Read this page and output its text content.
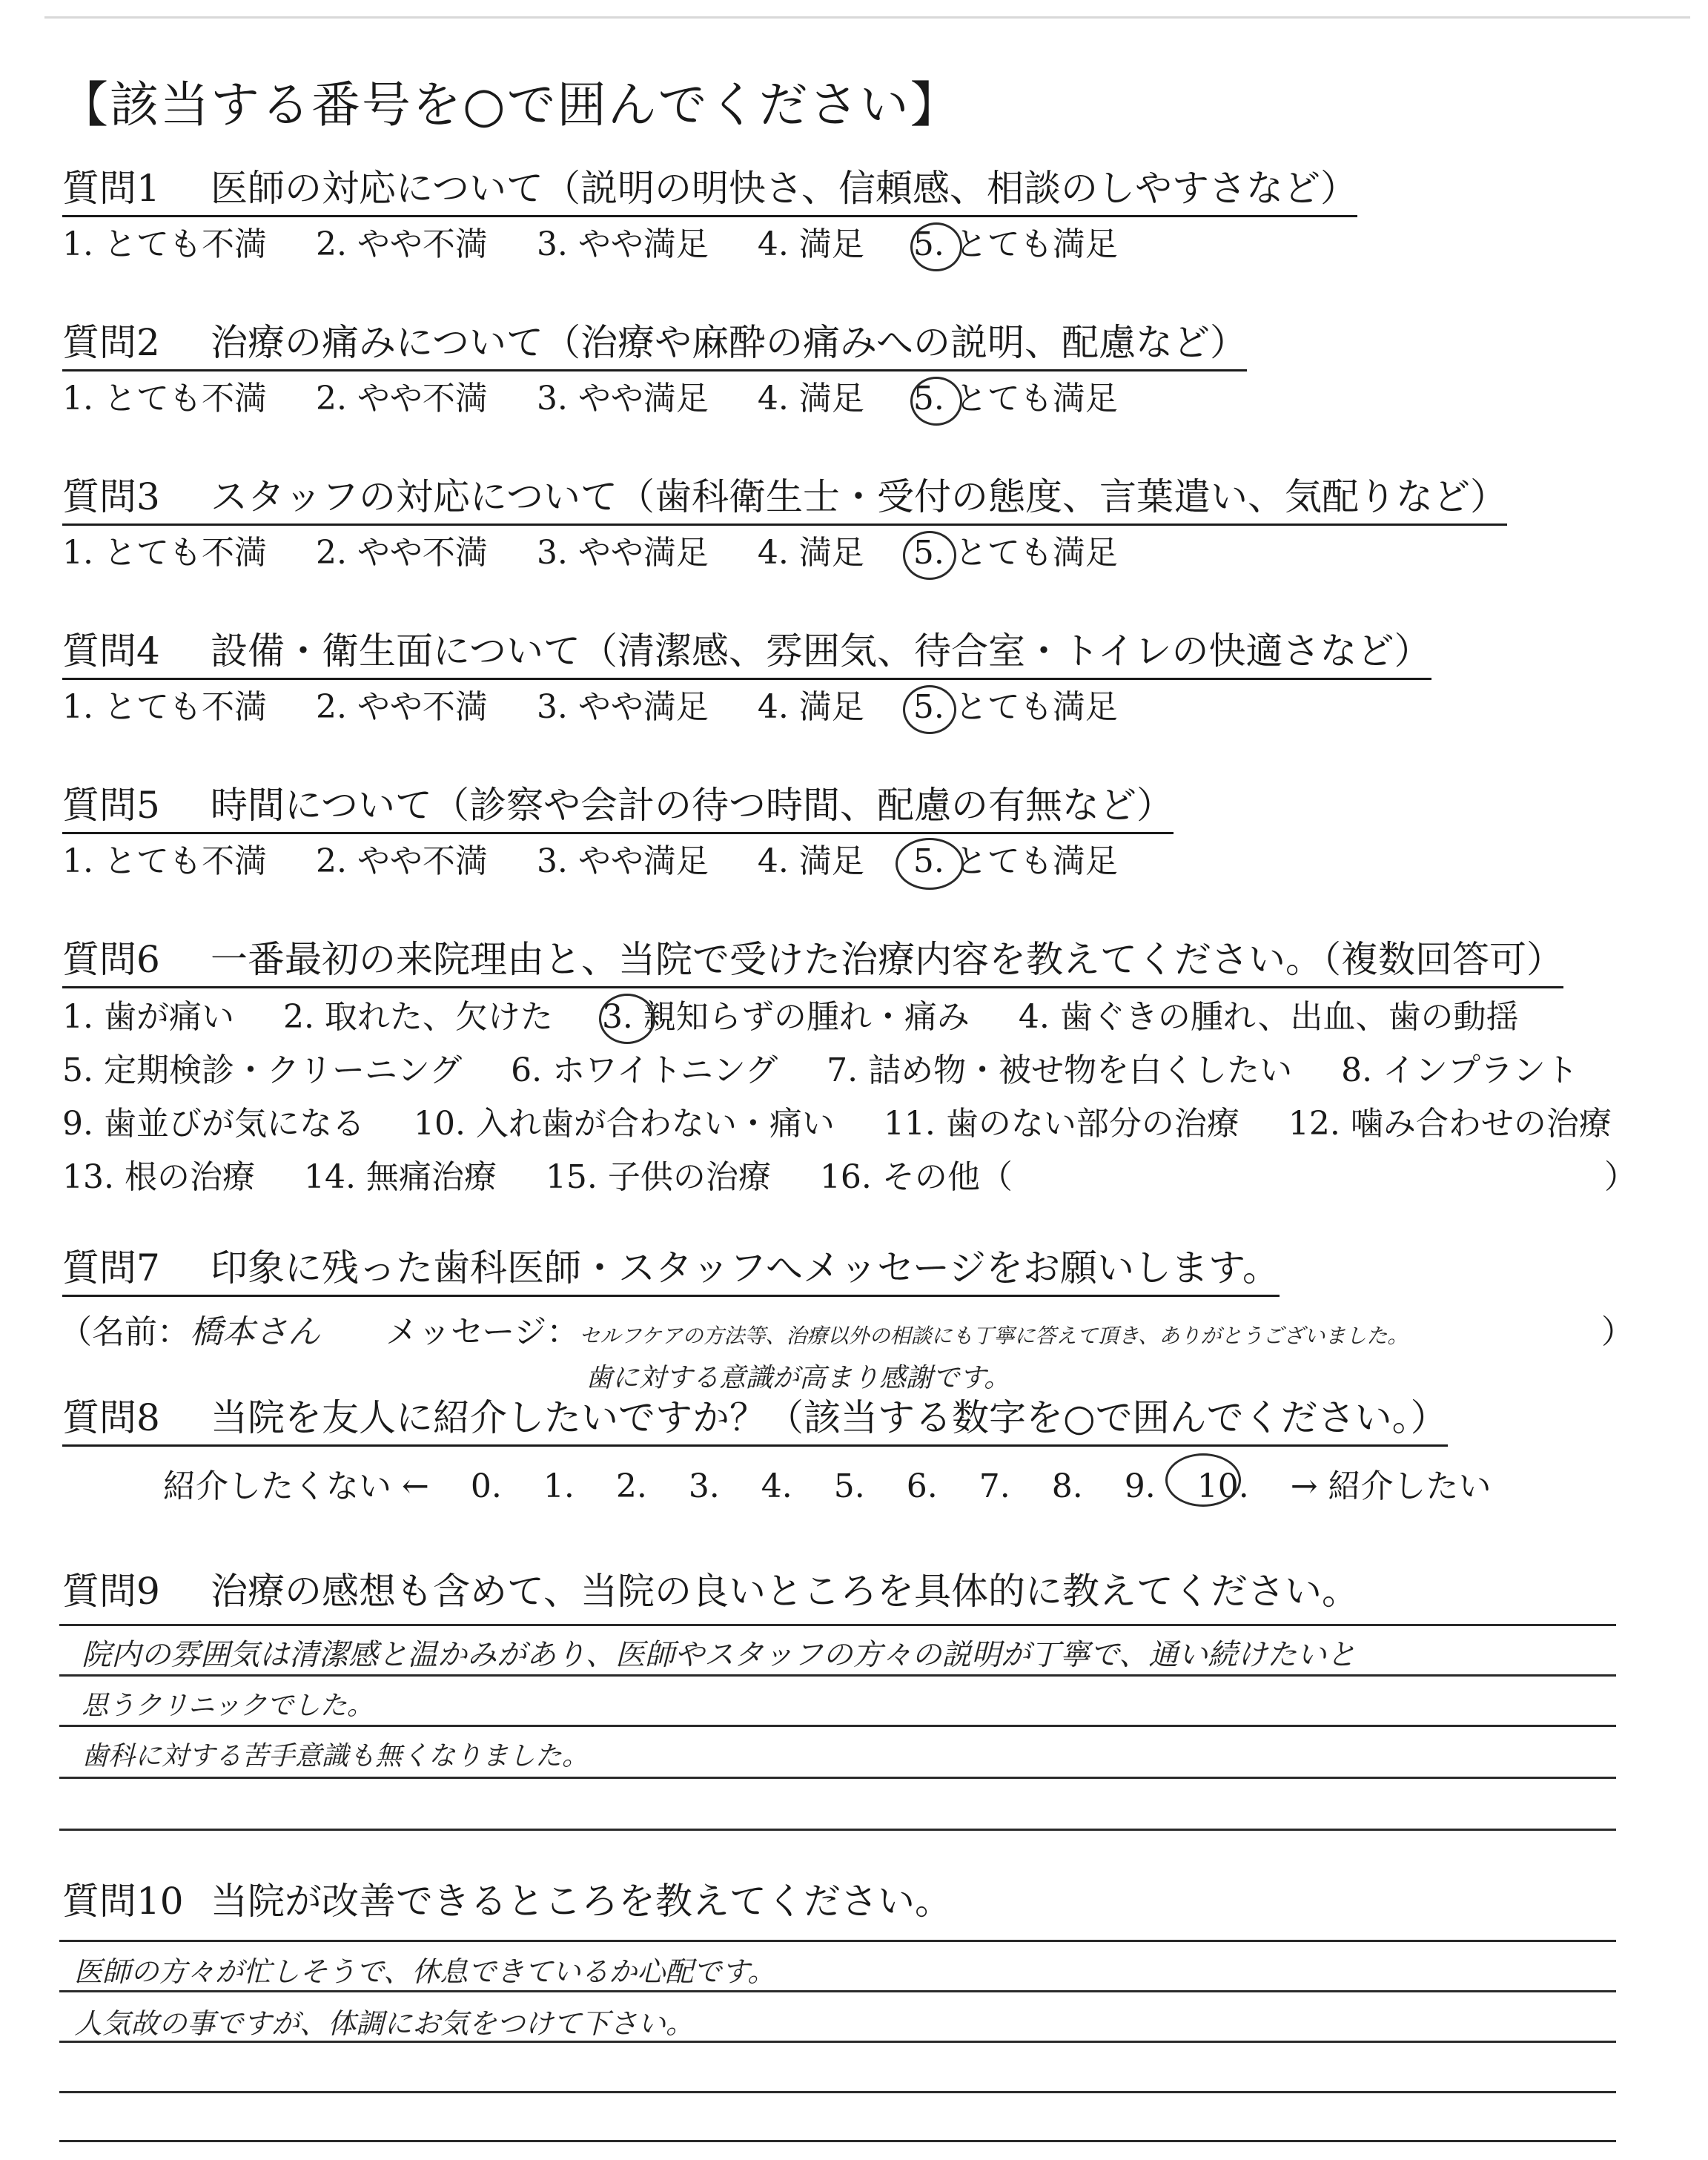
【該当する番号を○で囲んでください】
質問1 医師の対応について（説明の明快さ、信頼感、相談のしやすさなど）
1. とても不満 2. やや不満 3. やや満足 4. 満足 5. とても満足
質問2 治療の痛みについて（治療や麻酔の痛みへの説明、配慮など）
1. とても不満 2. やや不満 3. やや満足 4. 満足 5. とても満足
質問3 スタッフの対応について（歯科衛生士・受付の態度、言葉遣い、気配りなど）
1. とても不満 2. やや不満 3. やや満足 4. 満足 5. とても満足
質問4 設備・衛生面について（清潔感、雰囲気、待合室・トイレの快適さなど）
1. とても不満 2. やや不満 3. やや満足 4. 満足 5. とても満足
質問5 時間について（診察や会計の待つ時間、配慮の有無など）
1. とても不満 2. やや不満 3. やや満足 4. 満足 5. とても満足
質問6 一番最初の来院理由と、当院で受けた治療内容を教えてください。（複数回答可）
1. 歯が痛い 2. 取れた、欠けた 3. 親知らずの腫れ・痛み 4. 歯ぐきの腫れ、出血、歯の動揺
5. 定期検診・クリーニング 6. ホワイトニング 7. 詰め物・被せ物を白くしたい 8. インプラント
9. 歯並びが気になる 10. 入れ歯が合わない・痛い 11. 歯のない部分の治療 12. 噛み合わせの治療
13. 根の治療 14. 無痛治療 15. 子供の治療 16. その他（	）
質問7 印象に残った歯科医師・スタッフへメッセージをお願いします。
（名前：橋本さん メッセージ：セルフケアの方法等、治療以外の相談にも丁寧に答えて頂き、ありがとうございました。	）
歯に対する意識が高まり感謝です。
質問8 当院を友人に紹介したいですか？（該当する数字を○で囲んでください。）
紹介したくない ← 0. 1. 2. 3. 4. 5. 6. 7. 8. 9. 10. → 紹介したい
質問9 治療の感想も含めて、当院の良いところを具体的に教えてください。
院内の雰囲気は清潔感と温かみがあり、医師やスタッフの方々の説明が丁寧で、通い続けたいと
思うクリニックでした。
歯科に対する苦手意識も無くなりました。
質問10 当院が改善できるところを教えてください。
医師の方々が忙しそうで、休息できているか心配です。
人気故の事ですが、体調にお気をつけて下さい。
